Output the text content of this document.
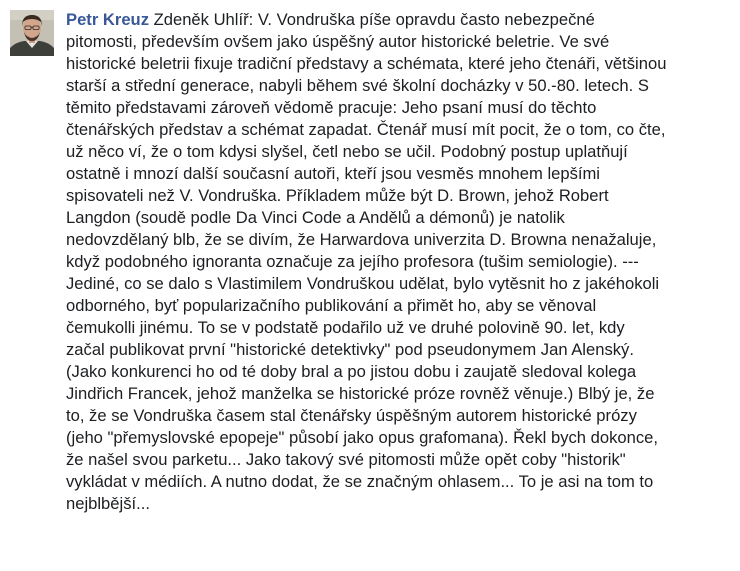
Petr Kreuz Zdeněk Uhlíř: V. Vondruška píše opravdu často nebezpečné
pitomosti, především ovšem jako úspěšný autor historické beletrie. Ve své
historické beletrii fixuje tradiční představy a schémata, které jeho čtenáři, většinou
starší a střední generace, nabyli během své školní docházky v 50.-80. letech. S
těmito představami zároveň vědomě pracuje: Jeho psaní musí do těchto
čtenářských představ a schémat zapadat. Čtenář musí mít pocit, že o tom, co čte,
už něco ví, že o tom kdysi slyšel, četl nebo se učil. Podobný postup uplatňují
ostatně i mnozí další současní autoři, kteří jsou vesměs mnohem lepšími
spisovateli než V. Vondruška. Příkladem může být D. Brown, jehož Robert
Langdon (soudě podle Da Vinci Code a Andělů a démonů) je natolik
nedovzdělaný blb, že se divím, že Harwardova univerzita D. Browna nenažaluje,
když podobného ignoranta označuje za jejího profesora (tušim semiologie). ---
Jediné, co se dalo s Vlastimilem Vondruškou udělat, bylo vytěsnit ho z jakéhokoli
odborného, byť popularizačního publikování a přimět ho, aby se věnoval
čemukolli jinému. To se v podstatě podařilo už ve druhé polovině 90. let, kdy
začal publikovat první "historické detektivky" pod pseudonymem Jan Alenský.
(Jako konkurenci ho od té doby bral a po jistou dobu i zaujatě sledoval kolega
Jindřich Francek, jehož manželka se historické próze rovněž věnuje.) Blbý je, že
to, že se Vondruška časem stal čtenářsky úspěšným autorem historické prózy
(jeho "přemyslovské epopeje" působí jako opus grafomana). Řekl bych dokonce,
že našel svou parketu... Jako takový své pitomosti může opět coby "historik"
vykládat v médiích. A nutno dodat, že se značným ohlasem... To je asi na tom to
nejblbější...
